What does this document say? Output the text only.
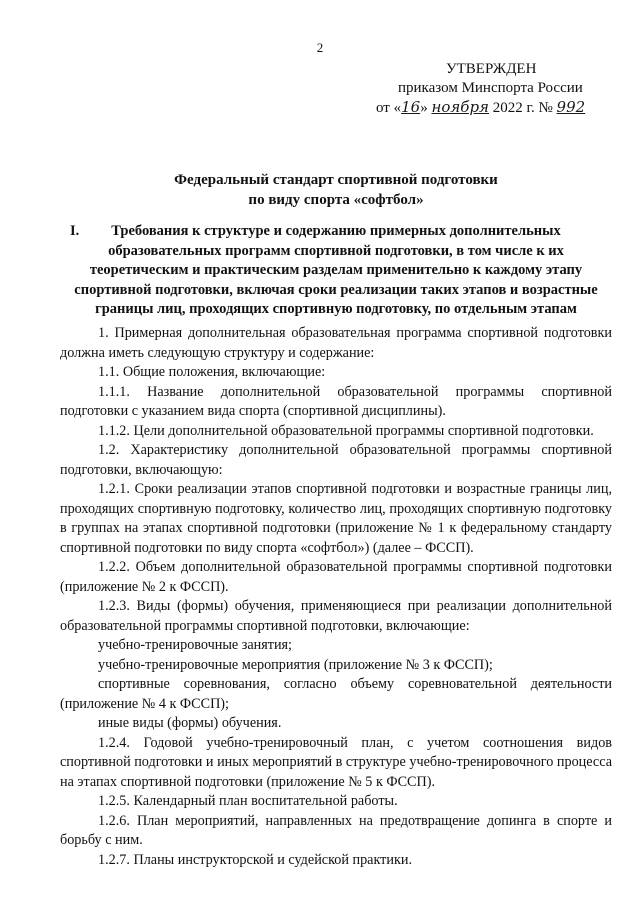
2
УТВЕРЖДЕН
приказом Минспорта России
от «16» ноября 2022 г. № 992
Федеральный стандарт спортивной подготовки
по виду спорта «софтбол»
I. Требования к структуре и содержанию примерных дополнительных образовательных программ спортивной подготовки, в том числе к их теоретическим и практическим разделам применительно к каждому этапу спортивной подготовки, включая сроки реализации таких этапов и возрастные границы лиц, проходящих спортивную подготовку, по отдельным этапам

1. Примерная дополнительная образовательная программа спортивной подготовки должна иметь следующую структуру и содержание:

1.1. Общие положения, включающие:

1.1.1. Название дополнительной образовательной программы спортивной подготовки с указанием вида спорта (спортивной дисциплины).

1.1.2. Цели дополнительной образовательной программы спортивной подготовки.

1.2. Характеристику дополнительной образовательной программы спортивной подготовки, включающую:

1.2.1. Сроки реализации этапов спортивной подготовки и возрастные границы лиц, проходящих спортивную подготовку, количество лиц, проходящих спортивную подготовку в группах на этапах спортивной подготовки (приложение № 1 к федеральному стандарту спортивной подготовки по виду спорта «софтбол») (далее – ФССП).

1.2.2. Объем дополнительной образовательной программы спортивной подготовки (приложение № 2 к ФССП).

1.2.3. Виды (формы) обучения, применяющиеся при реализации дополнительной образовательной программы спортивной подготовки, включающие:

учебно-тренировочные занятия;

учебно-тренировочные мероприятия (приложение № 3 к ФССП);

спортивные соревнования, согласно объему соревновательной деятельности (приложение № 4 к ФССП);

иные виды (формы) обучения.

1.2.4. Годовой учебно-тренировочный план, с учетом соотношения видов спортивной подготовки и иных мероприятий в структуре учебно-тренировочного процесса на этапах спортивной подготовки (приложение № 5 к ФССП).

1.2.5. Календарный план воспитательной работы.

1.2.6. План мероприятий, направленных на предотвращение допинга в спорте и борьбу с ним.

1.2.7. Планы инструкторской и судейской практики.
